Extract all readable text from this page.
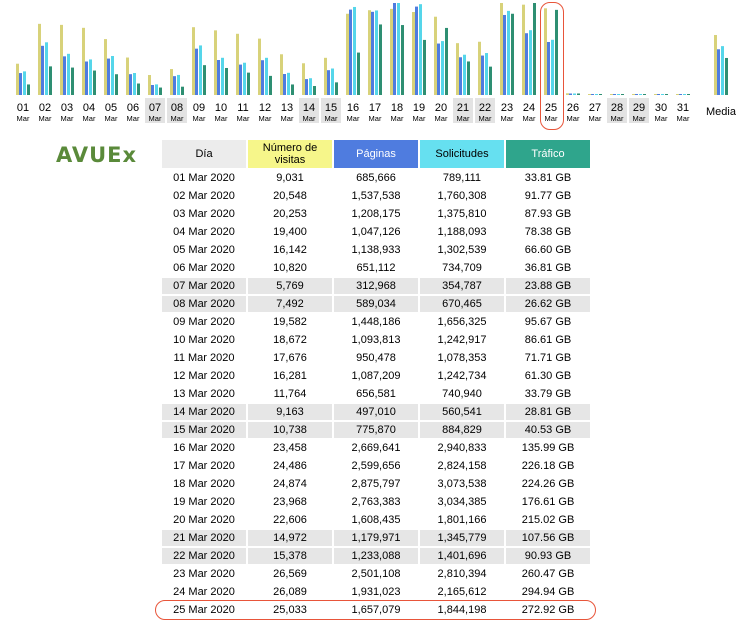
01
Mar
02
Mar
03
Mar
04
Mar
05
Mar
06
Mar
07
Mar
08
Mar
09
Mar
10
Mar
11
Mar
12
Mar
13
Mar
14
Mar
15
Mar
16
Mar
17
Mar
18
Mar
19
Mar
20
Mar
21
Mar
22
Mar
23
Mar
24
Mar
25
Mar
26
Mar
27
Mar
28
Mar
29
Mar
30
Mar
31
Mar
Media
AVUEx	Día	Número de visitas	Páginas	Solicitudes	Tráfico
01 Mar 2020	9,031	685,666	789,111	33.81 GB
02 Mar 2020	20,548	1,537,538	1,760,308	91.77 GB
03 Mar 2020	20,253	1,208,175	1,375,810	87.93 GB
04 Mar 2020	19,400	1,047,126	1,188,093	78.38 GB
05 Mar 2020	16,142	1,138,933	1,302,539	66.60 GB
06 Mar 2020	10,820	651,112	734,709	36.81 GB
07 Mar 2020	5,769	312,968	354,787	23.88 GB
08 Mar 2020	7,492	589,034	670,465	26.62 GB
09 Mar 2020	19,582	1,448,186	1,656,325	95.67 GB
10 Mar 2020	18,672	1,093,813	1,242,917	86.61 GB
11 Mar 2020	17,676	950,478	1,078,353	71.71 GB
12 Mar 2020	16,281	1,087,209	1,242,734	61.30 GB
13 Mar 2020	11,764	656,581	740,940	33.79 GB
14 Mar 2020	9,163	497,010	560,541	28.81 GB
15 Mar 2020	10,738	775,870	884,829	40.53 GB
16 Mar 2020	23,458	2,669,641	2,940,833	135.99 GB
17 Mar 2020	24,486	2,599,656	2,824,158	226.18 GB
18 Mar 2020	24,874	2,875,797	3,073,538	224.26 GB
19 Mar 2020	23,968	2,763,383	3,034,385	176.61 GB
20 Mar 2020	22,606	1,608,435	1,801,166	215.02 GB
21 Mar 2020	14,972	1,179,971	1,345,779	107.56 GB
22 Mar 2020	15,378	1,233,088	1,401,696	90.93 GB
23 Mar 2020	26,569	2,501,108	2,810,394	260.47 GB
24 Mar 2020	26,089	1,931,023	2,165,612	294.94 GB
25 Mar 2020	25,033	1,657,079	1,844,198	272.92 GB
